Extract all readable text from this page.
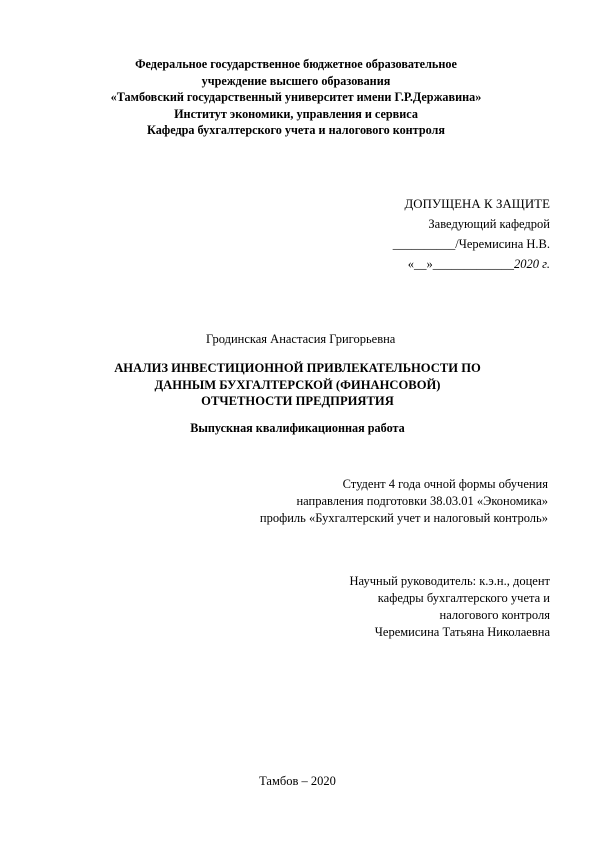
Федеральное государственное бюджетное образовательное
учреждение высшего образования
«Тамбовский государственный университет имени Г.Р.Державина»
Институт экономики, управления и сервиса
Кафедра бухгалтерского учета и налогового контроля
ДОПУЩЕНА К ЗАЩИТЕ
Заведующий кафедрой
__________/Черемисина Н.В.
«__»_____________2020 г.
Гродинская Анастасия Григорьевна
АНАЛИЗ ИНВЕСТИЦИОННОЙ ПРИВЛЕКАТЕЛЬНОСТИ ПО
ДАННЫМ БУХГАЛТЕРСКОЙ (ФИНАНСОВОЙ)
ОТЧЕТНОСТИ ПРЕДПРИЯТИЯ
Выпускная квалификационная работа
Студент 4 года очной формы обучения
направления подготовки 38.03.01 «Экономика»
профиль «Бухгалтерский учет и налоговый контроль»
Научный руководитель: к.э.н., доцент
кафедры бухгалтерского учета и
налогового контроля
Черемисина Татьяна Николаевна
Тамбов – 2020
